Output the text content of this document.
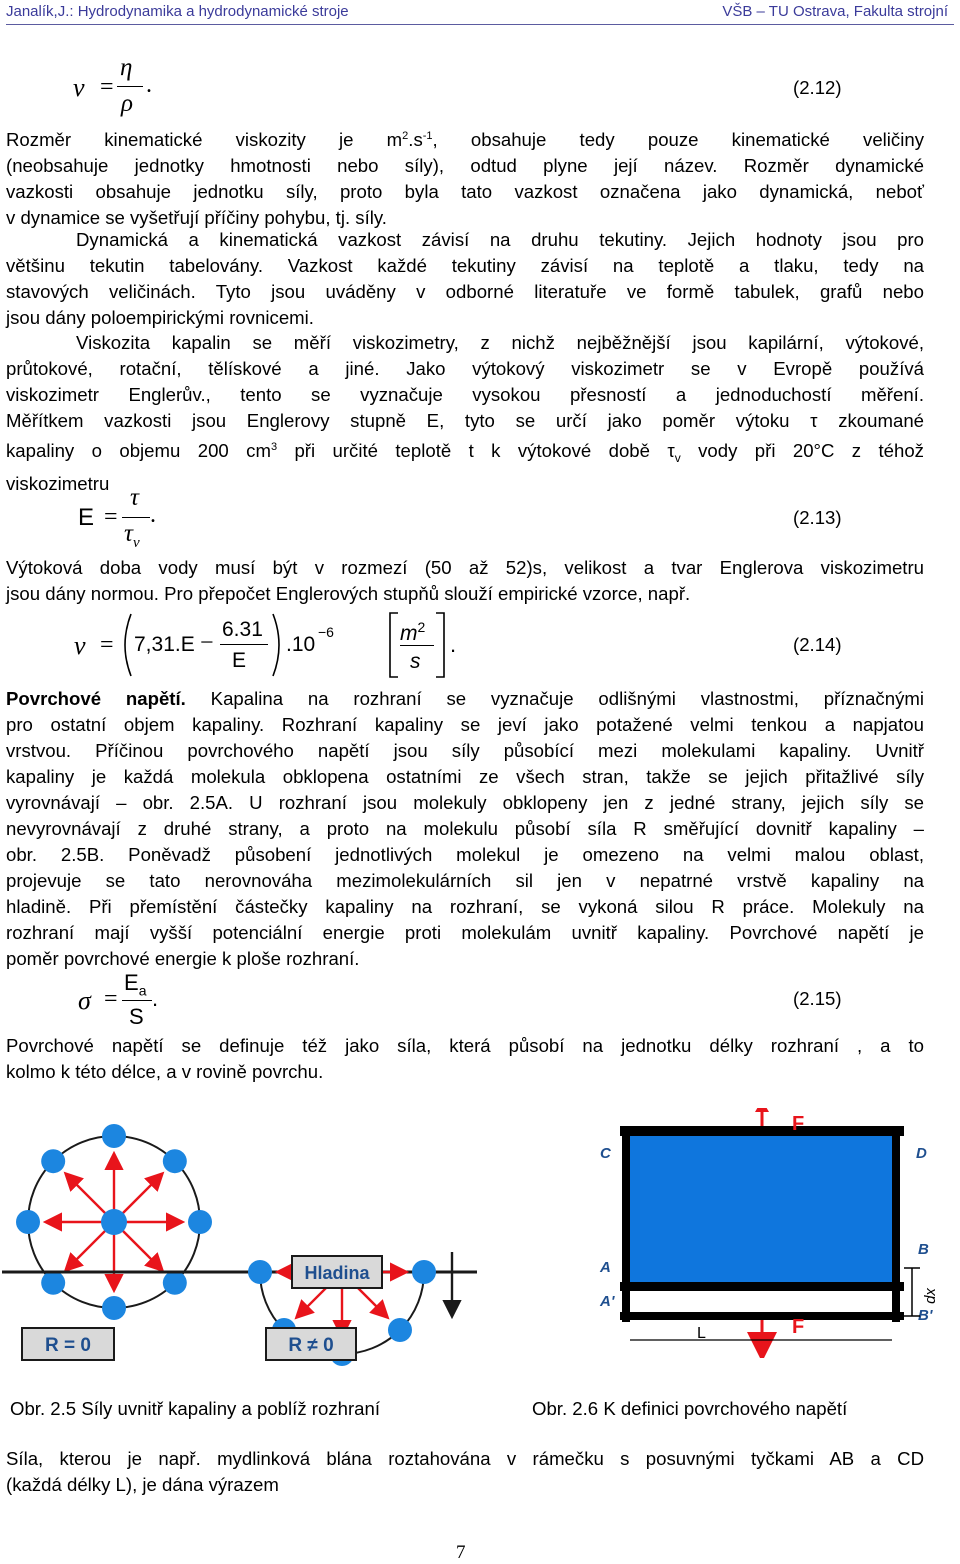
Janalík,J.: Hydrodynamika a hydrodynamické stroje	VŠB – TU Ostrava, Fakulta strojní
ν =
η
ρ
.	(2.12)

Rozměr kinematické viskozity je $m^2.s^{-1}$, obsahuje tedy pouze kinematické veličiny

(neobsahuje jednotky hmotnosti nebo síly), odtud plyne její název. Rozměr dynamické

vazkosti obsahuje jednotku síly, proto byla tato vazkost označena jako dynamická, neboť

v dynamice se vyšetřují příčiny pohybu, tj. síly.

Dynamická a kinematická vazkost závisí na druhu tekutiny. Jejich hodnoty jsou pro

většinu tekutin tabelovány. Vazkost každé tekutiny závisí na teplotě a tlaku, tedy na

stavových veličinách. Tyto jsou uváděny v odborné literatuře ve formě tabulek, grafů nebo

jsou dány poloempirickými rovnicemi.

Viskozita kapalin se měří viskozimetry, z nichž nejběžnější jsou kapilární, výtokové,

průtokové, rotační, tělískové a jiné. Jako výtokový viskozimetr se v Evropě používá

viskozimetr Englerův., tento se vyznačuje vysokou přesností a jednoduchostí měření.

Měřítkem vazkosti jsou Englerovy stupně E, tyto se určí jako poměr výtoku τ zkoumané

kapaliny o objemu 200 $cm^3$ při určité teplotě t k výtokové době $\tau_v$ vody při 20°C z téhož

viskozimetru

E =
τ
$\tau_v$
.	(2.13)

Výtoková doba vody musí být v rozmezí (50 až 52)s, velikost a tvar Englerova viskozimetru

jsou dány normou. Pro přepočet Englerových stupňů slouží empirické vzorce, např.

ν = 7,31.E −
6.31
E
.10
−6	$m^2$
s
.	(2.14)

Povrchové napětí. Kapalina na rozhraní se vyznačuje odlišnými vlastnostmi, příznačnými

pro ostatní objem kapaliny. Rozhraní kapaliny se jeví jako potažené velmi tenkou a napjatou

vrstvou. Příčinou povrchového napětí jsou síly působící mezi molekulami kapaliny. Uvnitř

kapaliny je každá molekula obklopena ostatními ze všech stran, takže se jejich přitažlivé síly

vyrovnávají – obr. 2.5A. U rozhraní jsou molekuly obklopeny jen z jedné strany, jejich síly se

nevyrovnávají z druhé strany, a proto na molekulu působí síla R směřující dovnitř kapaliny –

obr. 2.5B. Poněvadž působení jednotlivých molekul je omezeno na velmi malou oblast,

projevuje se tato nerovnováha mezimolekulárních sil jen v nepatrné vrstvě kapaliny na

hladině. Při přemístění částečky kapaliny na rozhraní, se vykoná silou R práce. Molekuly na

rozhraní mají vyšší potenciální energie proti molekulám uvnitř kapaliny. Povrchové napětí je

poměr povrchové energie k ploše rozhraní.

σ =
$E_a$
S
.	(2.15)

Povrchové napětí se definuje též jako síla, která působí na jednotku délky rozhraní , a to

kolmo k této délce, a v rovině povrchu.

Hladina
R = 0	R ≠ 0
F
F
C	D
A
B
A'
B'
L
dx
Obr. 2.5 Síly uvnitř kapaliny a poblíž rozhraní	Obr. 2.6 K definici povrchového napětí

Síla, kterou je např. mydlinková blána roztahována v rámečku s posuvnými tyčkami AB a CD

(každá délky L), je dána výrazem

7
